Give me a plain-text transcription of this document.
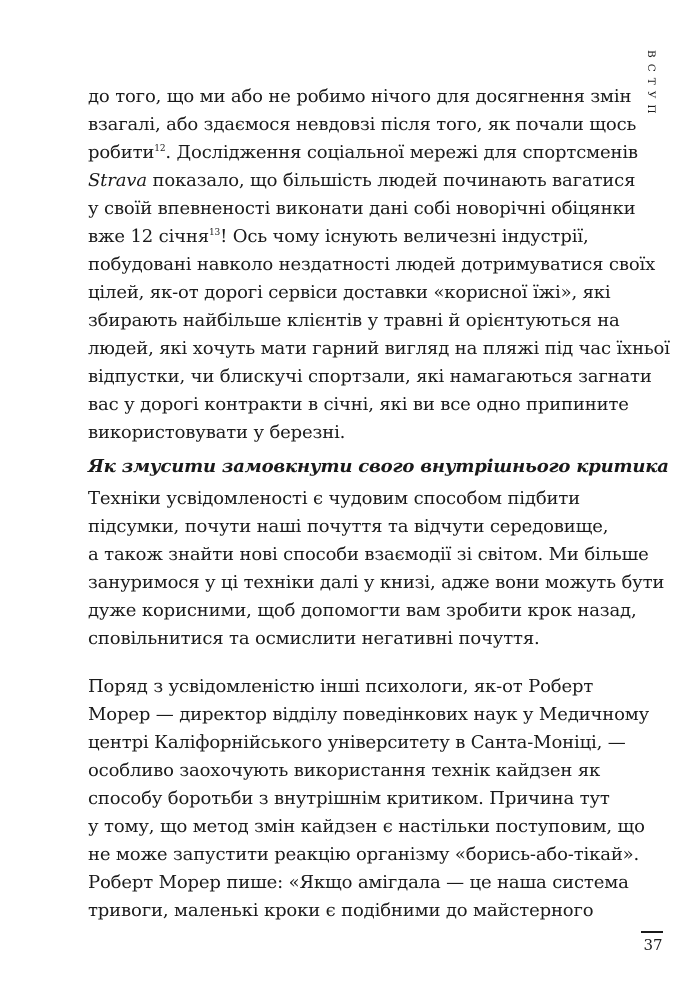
ВСТУП
до того, що ми або не робимо нічого для досягнення змін
взагалі, або здаємося невдовзі після того, як почали щось
робити$^{12}$. Дослідження соціальної мережі для спортсменів
Strava показало, що більшість людей починають вагатися
у своїй впевненості виконати дані собі новорічні обіцянки
вже 12 січня$^{13}$! Ось чому існують величезні індустрії,
побудовані навколо нездатності людей дотримуватися своїх
цілей, як-от дорогі сервіси доставки «корисної їжі», які
збирають найбільше клієнтів у травні й орієнтуються на
людей, які хочуть мати гарний вигляд на пляжі під час їхньої
відпустки, чи блискучі спортзали, які намагаються загнати
вас у дорогі контракти в січні, які ви все одно припините
використовувати у березні.
Як змусити замовкнути свого внутрішнього критика
Техніки усвідомленості є чудовим способом підбити
підсумки, почути наші почуття та відчути середовище,
а також знайти нові способи взаємодії зі світом. Ми більше
зануримося у ці техніки далі у книзі, адже вони можуть бути
дуже корисними, щоб допомогти вам зробити крок назад,
сповільнитися та осмислити негативні почуття.
Поряд з усвідомленістю інші психологи, як-от Роберт
Морер — директор відділу поведінкових наук у Медичному
центрі Каліфорнійського університету в Санта-Моніці, —
особливо заохочують використання технік кайдзен як
способу боротьби з внутрішнім критиком. Причина тут
у тому, що метод змін кайдзен є настільки поступовим, що
не може запустити реакцію організму «борись-або-тікай».
Роберт Морер пише: «Якщо амігдала — це наша система
тривоги, маленькі кроки є подібними до майстерного
37
